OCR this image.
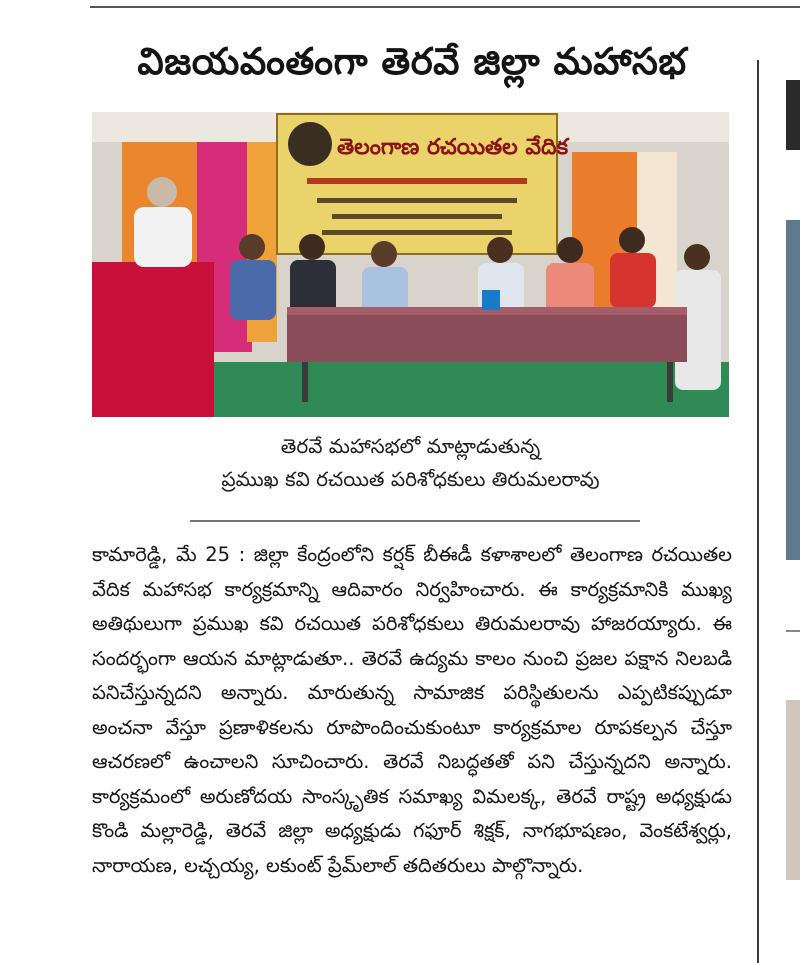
విజయవంతంగా తెరవే జిల్లా మహాసభ
తెలంగాణ రచయితల వేదిక
తెరవే మహాసభలో మాట్లాడుతున్న
ప్రముఖ కవి రచయిత పరిశోధకులు తిరుమలరావు
కామారెడ్డి, మే 25 : జిల్లా కేంద్రంలోని కర్షక్ బీఈడీ కళాశాలలో తెలంగాణ రచయితల వేదిక మహాసభ కార్యక్రమాన్ని ఆదివారం నిర్వహించారు. ఈ కార్యక్రమానికి ముఖ్య అతిథులుగా ప్రముఖ కవి రచయిత పరిశోధకులు తిరుమలరావు హాజరయ్యారు. ఈ సందర్భంగా ఆయన మాట్లాడుతూ.. తెరవే ఉద్యమ కాలం నుంచి ప్రజల పక్షాన నిలబడి పనిచేస్తున్నదని అన్నారు. మారుతున్న సామాజిక పరిస్థితులను ఎప్పటికప్పుడూ అంచనా వేస్తూ ప్రణాళికలను రూపొందించుకుంటూ కార్యక్రమాల రూపకల్పన చేస్తూ ఆచరణలో ఉంచాలని సూచించారు. తెరవే నిబద్ధతతో పని చేస్తున్నదని అన్నారు. కార్యక్రమంలో అరుణోదయ సాంస్కృతిక సమాఖ్య విమలక్క, తెరవే రాష్ట్ర అధ్యక్షుడు కొండి మల్లారెడ్డి, తెరవే జిల్లా అధ్యక్షుడు గఫూర్ శిక్షక్, నాగభూషణం, వెంకటేశ్వర్లు, నారాయణ, లచ్చయ్య, లకుంట్ ప్రేమ్‌లాల్ తదితరులు పాల్గొన్నారు.
